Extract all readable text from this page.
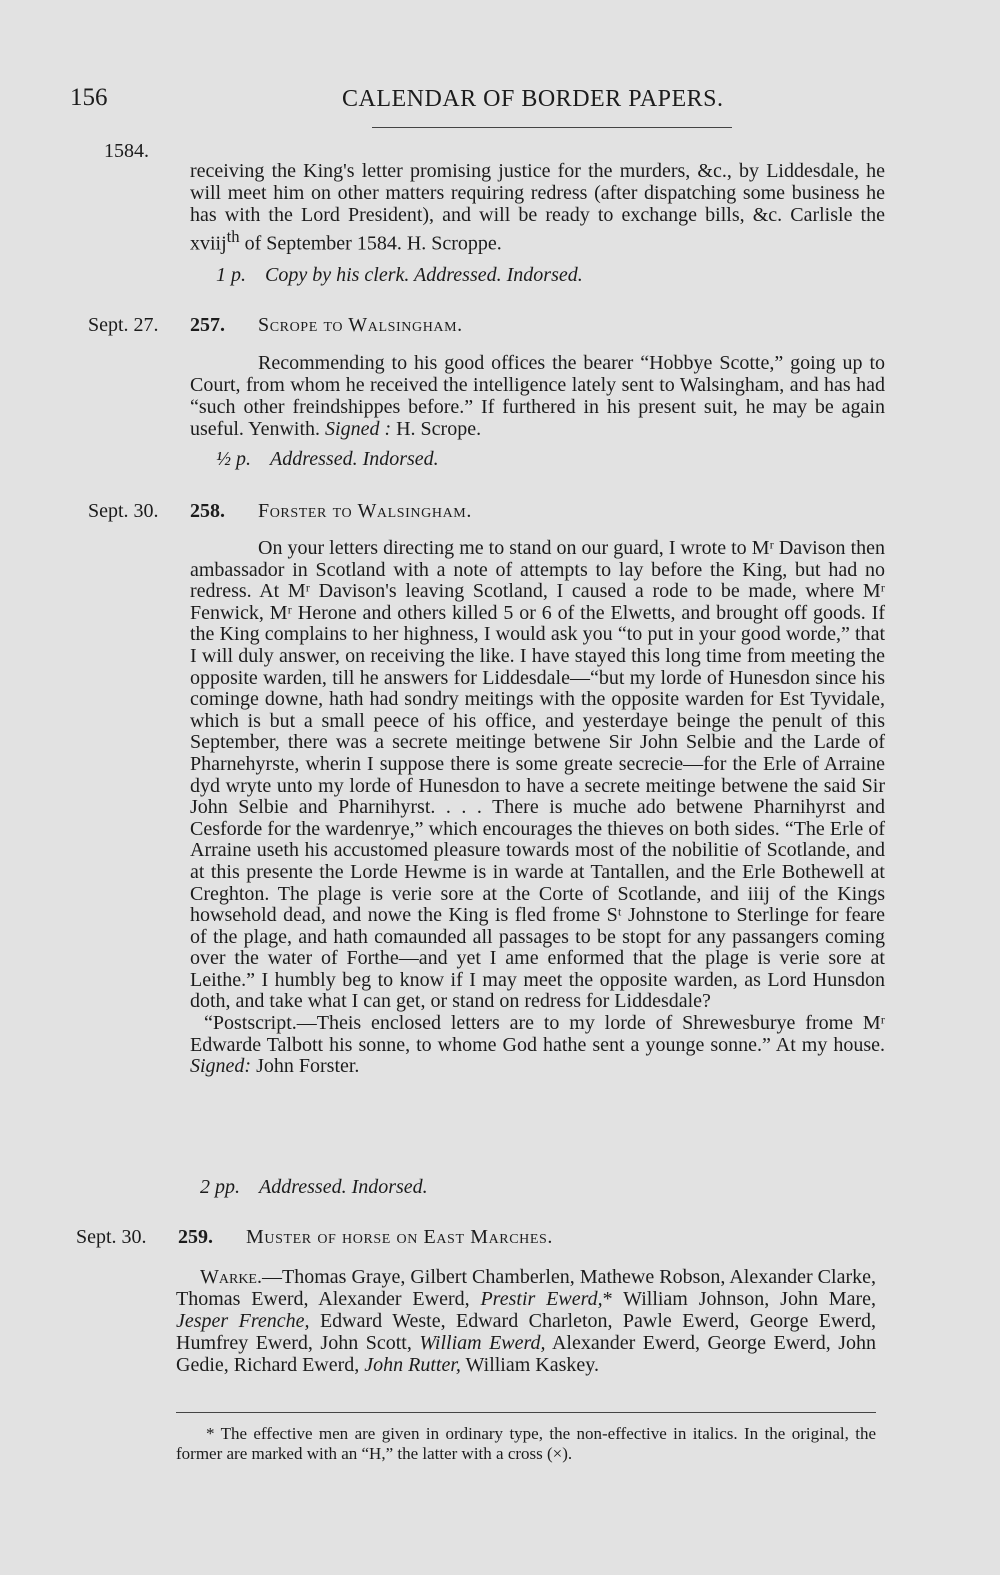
156	CALENDAR OF BORDER PAPERS.
1584.

receiving the King's letter promising justice for the murders, &c., by Liddesdale, he will meet him on other matters requiring redress (after dispatching some business he has with the Lord President), and will be ready to exchange bills, &c. Carlisle the xviij$^{th}$ of September 1584. H. Scroppe.

1 p. Copy by his clerk. Addressed. Indorsed.
Sept. 27. 257. Scrope to Walsingham.

Recommending to his good offices the bearer “Hobbye Scotte,” going up to Court, from whom he received the intelligence lately sent to Walsingham, and has had “such other freindshippes before.” If furthered in his present suit, he may be again useful. Yenwith. Signed : H. Scrope.

½ p. Addressed. Indorsed.
Sept. 30. 258. Forster to Walsingham.

On your letters directing me to stand on our guard, I wrote to Mʳ Davison then ambassador in Scotland with a note of attempts to lay before the King, but had no redress. At Mʳ Davison's leaving Scotland, I caused a rode to be made, where Mʳ Fenwick, Mʳ Herone and others killed 5 or 6 of the Elwetts, and brought off goods. If the King complains to her highness, I would ask you “to put in your good worde,” that I will duly answer, on receiving the like. I have stayed this long time from meeting the opposite warden, till he answers for Liddesdale—“but my lorde of Hunesdon since his cominge downe, hath had sondry meitings with the opposite warden for Est Tyvidale, which is but a small peece of his office, and yesterdaye beinge the penult of this September, there was a secrete meitinge betwene Sir John Selbie and the Larde of Pharnehyrste, wherin I suppose there is some greate secrecie—for the Erle of Arraine dyd wryte unto my lorde of Hunesdon to have a secrete meitinge betwene the said Sir John Selbie and Pharnihyrst. . . . There is muche ado betwene Pharnihyrst and Cesforde for the wardenrye,” which encourages the thieves on both sides. “The Erle of Arraine useth his accustomed pleasure towards most of the nobilitie of Scotlande, and at this presente the Lorde Hewme is in warde at Tantallen, and the Erle Bothewell at Creghton. The plage is verie sore at the Corte of Scotlande, and iiij of the Kings howsehold dead, and nowe the King is fled frome Sᵗ Johnstone to Sterlinge for feare of the plage, and hath comaunded all passages to be stopt for any passangers coming over the water of Forthe—and yet I ame enformed that the plage is verie sore at Leithe.” I humbly beg to know if I may meet the opposite warden, as Lord Hunsdon doth, and take what I can get, or stand on redress for Liddesdale?

“Postscript.—Theis enclosed letters are to my lorde of Shrewesburye frome Mʳ Edwarde Talbott his sonne, to whome God hathe sent a younge sonne.” At my house. Signed: John Forster.

2 pp. Addressed. Indorsed.
Sept. 30. 259. Muster of horse on East Marches.

Warke.—Thomas Graye, Gilbert Chamberlen, Mathewe Robson, Alexander Clarke, Thomas Ewerd, Alexander Ewerd, Prestir Ewerd,* William Johnson, John Mare, Jesper Frenche, Edward Weste, Edward Charleton, Pawle Ewerd, George Ewerd, Humfrey Ewerd, John Scott, William Ewerd, Alexander Ewerd, George Ewerd, John Gedie, Richard Ewerd, John Rutter, William Kaskey.

* The effective men are given in ordinary type, the non-effective in italics. In the original, the former are marked with an “H,” the latter with a cross (×).
